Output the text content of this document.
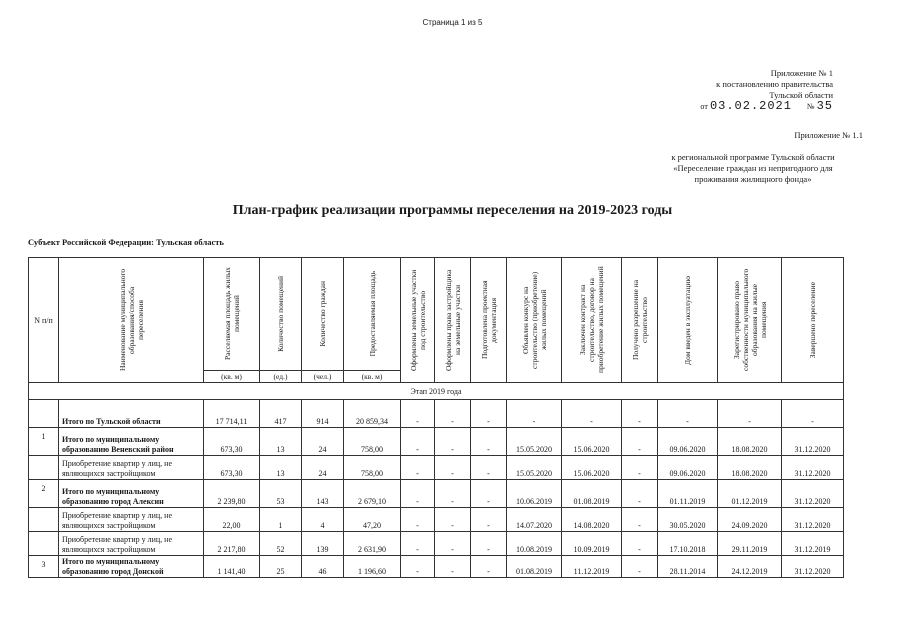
Страница 1 из 5
Приложение № 1
к постановлению правительства
Тульской области
от 03.02.2021 № 35
Приложение № 1.1
к региональной программе Тульской области
«Переселение граждан из непригодного для
проживания жилищного фонда»
План-график реализации программы переселения на 2019-2023 годы
Субъект Российской Федерации: Тульская область
N п/п	Наименование муниципального образования/способа переселения	Расселяемая площадь жилых помещений	Количество помещений	Количество граждан	Предоставляемая площадь	Оформлены земельные участки под строительство	Оформлены права застройщика на земельные участки	Подготовлена проектная документация	Объявлен конкурс на строительство (приобретение) жилых помещений	Заключен контракт на строительство, договор на приобретение жилых помещений	Получено разрешение на строительство	Дом введен в эксплуатацию	Зарегистрировано право собственности муниципального образования на жилые помещения	Завершено переселение

		(кв. м)	(ед.)	(чел.)	(кв. м)									
Этап 2019 года														
	Итого по Тульской области	17 714,11	417	914	20 859,34	-	-	-	-	-	-	-	-	-
1	Итого по муниципальному образованию Веневский район	673,30	13	24	758,00	-	-	-	15.05.2020	15.06.2020	-	09.06.2020	18.08.2020	31.12.2020
	Приобретение квартир у лиц, не являющихся застройщиком	673,30	13	24	758,00	-	-	-	15.05.2020	15.06.2020	-	09.06.2020	18.08.2020	31.12.2020
2	Итого по муниципальному образованию город Алексин	2 239,80	53	143	2 679,10	-	-	-	10.06.2019	01.08.2019	-	01.11.2019	01.12.2019	31.12.2020
	Приобретение квартир у лиц, не являющихся застройщиком	22,00	1	4	47,20	-	-	-	14.07.2020	14.08.2020	-	30.05.2020	24.09.2020	31.12.2020
	Приобретение квартир у лиц, не являющихся застройщиком	2 217,80	52	139	2 631,90	-	-	-	10.08.2019	10.09.2019	-	17.10.2018	29.11.2019	31.12.2019
3	Итого по муниципальному образованию город Донской	1 141,40	25	46	1 196,60	-	-	-	01.08.2019	11.12.2019	-	28.11.2014	24.12.2019	31.12.2020
